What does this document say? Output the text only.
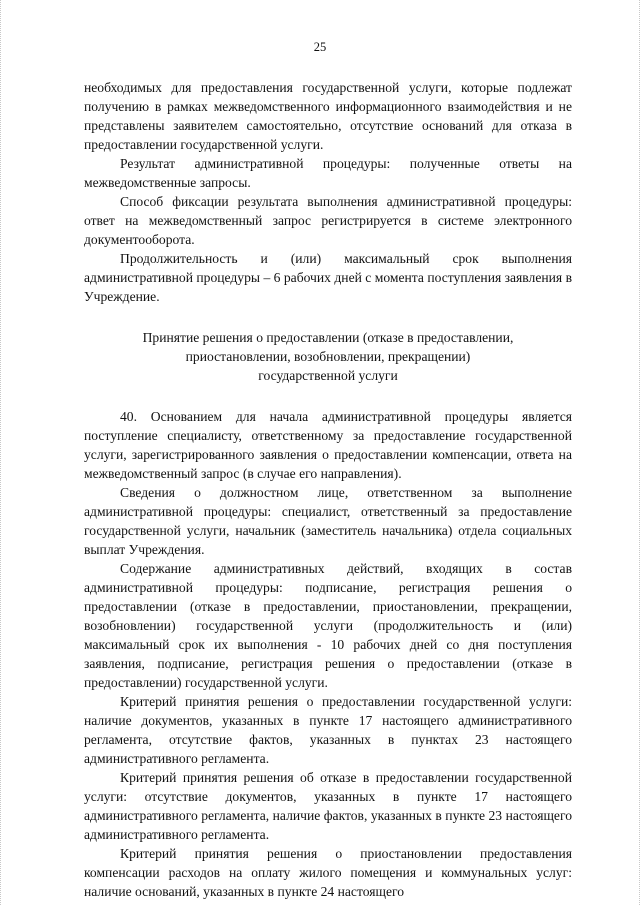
25

необходимых для предоставления государственной услуги, которые подлежат получению в рамках межведомственного информационного взаимодействия и не представлены заявителем самостоятельно, отсутствие оснований для отказа в предоставлении государственной услуги.

Результат административной процедуры: полученные ответы на межведомственные запросы.

Способ фиксации результата выполнения административной процедуры: ответ на межведомственный запрос регистрируется в системе электронного документооборота.

Продолжительность и (или) максимальный срок выполнения административной процедуры – 6 рабочих дней с момента поступления заявления в Учреждение.

Принятие решения о предоставлении (отказе в предоставлении,
приостановлении, возобновлении, прекращении)
государственной услуги

40. Основанием для начала административной процедуры является поступление специалисту, ответственному за предоставление государственной услуги, зарегистрированного заявления о предоставлении компенсации, ответа на межведомственный запрос (в случае его направления).

Сведения о должностном лице, ответственном за выполнение административной процедуры: специалист, ответственный за предоставление государственной услуги, начальник (заместитель начальника) отдела социальных выплат Учреждения.

Содержание административных действий, входящих в состав административной процедуры: подписание, регистрация решения о предоставлении (отказе в предоставлении, приостановлении, прекращении, возобновлении) государственной услуги (продолжительность и (или) максимальный срок их выполнения - 10 рабочих дней со дня поступления заявления, подписание, регистрация решения о предоставлении (отказе в предоставлении) государственной услуги.

Критерий принятия решения о предоставлении государственной услуги: наличие документов, указанных в пункте 17 настоящего административного регламента, отсутствие фактов, указанных в пунктах 23 настоящего административного регламента.

Критерий принятия решения об отказе в предоставлении государственной услуги: отсутствие документов, указанных в пункте 17 настоящего административного регламента, наличие фактов, указанных в пункте 23 настоящего административного регламента.

Критерий принятия решения о приостановлении предоставления компенсации расходов на оплату жилого помещения и коммунальных услуг: наличие оснований, указанных в пункте 24 настоящего
